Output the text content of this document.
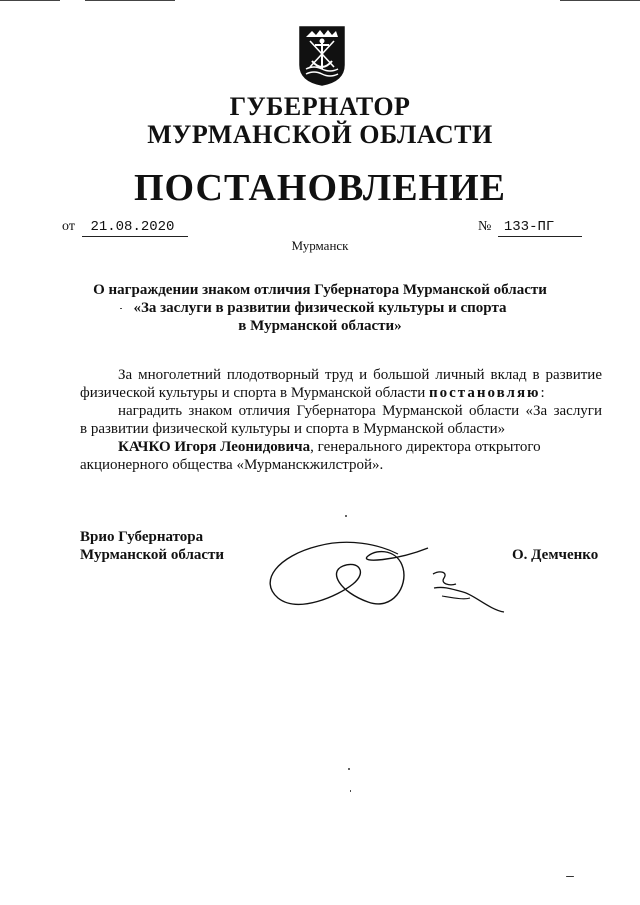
ГУБЕРНАТОР
МУРМАНСКОЙ ОБЛАСТИ
ПОСТАНОВЛЕНИЕ
от 21.08.2020	№ 133-ПГ
Мурманск
О награждении знаком отличия Губернатора Мурманской области
«За заслуги в развитии физической культуры и спорта
в Мурманской области»
За многолетний плодотворный труд и большой личный вклад в развитие
физической культуры и спорта в Мурманской области постановляю:
наградить знаком отличия Губернатора Мурманской области «За заслуги
в развитии физической культуры и спорта в Мурманской области»
КАЧКО Игоря Леонидовича, генерального директора открытого
акционерного общества «Мурманскжилстрой».
Врио Губернатора
Мурманской области	О. Демченко
